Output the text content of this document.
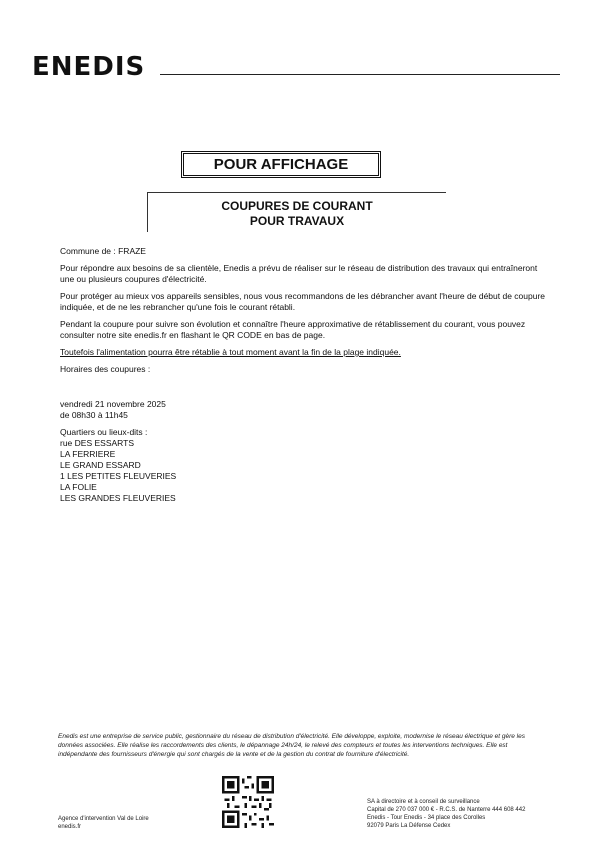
ENEDIS
POUR AFFICHAGE
COUPURES DE COURANT
POUR TRAVAUX

Commune de : FRAZE

Pour répondre aux besoins de sa clientèle, Enedis a prévu de réaliser sur le réseau de distribution des travaux qui entraîneront une ou plusieurs coupures d'électricité.

Pour protéger au mieux vos appareils sensibles, nous vous recommandons de les débrancher avant l'heure de début de coupure indiquée, et de ne les rebrancher qu'une fois le courant rétabli.

Pendant la coupure pour suivre son évolution et connaître l'heure approximative de rétablissement du courant, vous pouvez consulter notre site enedis.fr en flashant le QR CODE en bas de page.

Toutefois l'alimentation pourra être rétablie à tout moment avant la fin de la plage indiquée.

Horaires des coupures :

vendredi 21 novembre 2025

de 08h30 à 11h45

Quartiers ou lieux-dits :

rue DES ESSARTS
LA FERRIERE
LE GRAND ESSARD
1 LES PETITES FLEUVERIES
LA FOLIE
LES GRANDES FLEUVERIES
Enedis est une entreprise de service public, gestionnaire du réseau de distribution d'électricité. Elle développe, exploite, modernise le réseau électrique et gère les données associées. Elle réalise les raccordements des clients, le dépannage 24h/24, le relevé des compteurs et toutes les interventions techniques. Elle est indépendante des fournisseurs d'énergie qui sont chargés de la vente et de la gestion du contrat de fourniture d'électricité.
Agence d'intervention Val de Loire
enedis.fr
SA à directoire et à conseil de surveillance
Capital de 270 037 000 € - R.C.S. de Nanterre 444 608 442
Enedis - Tour Enedis - 34 place des Corolles
92079 Paris La Défense Cedex
